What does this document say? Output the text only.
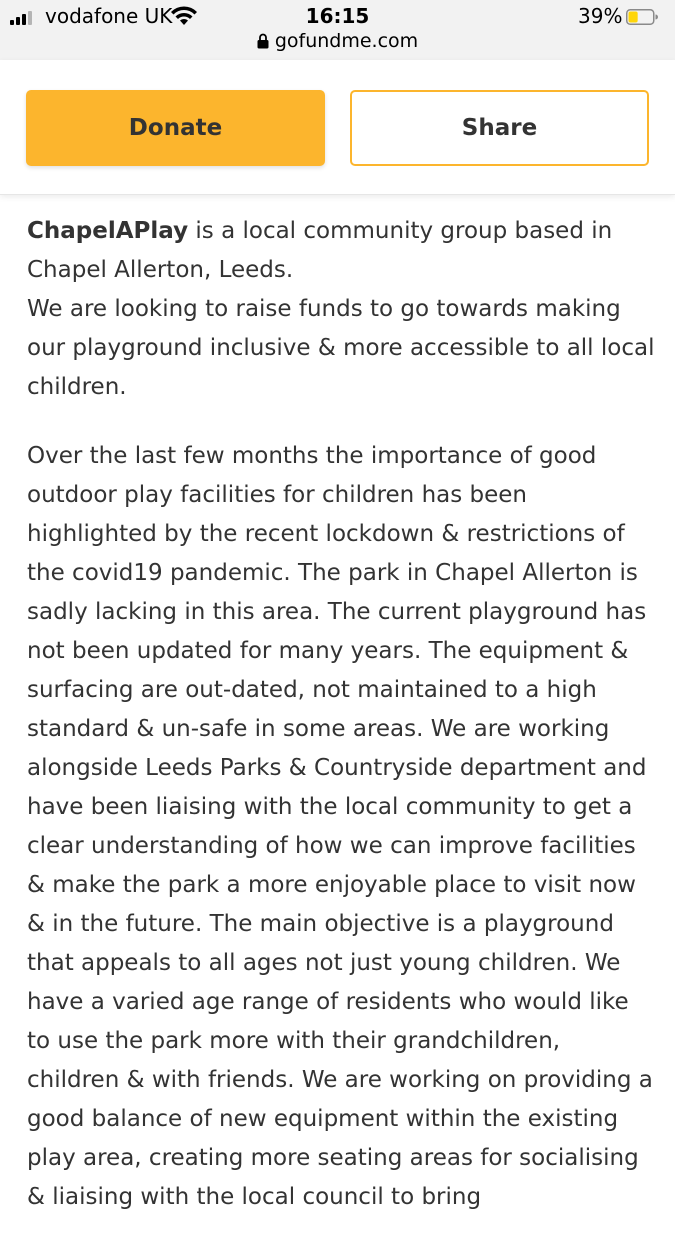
vodafone UK	16:15	39%
gofundme.com
Donate	Share

ChapelAPlay is a local community group based in Chapel Allerton, Leeds.
We are looking to raise funds to go towards making our playground inclusive & more accessible to all local children.

Over the last few months the importance of good outdoor play facilities for children has been highlighted by the recent lockdown & restrictions of the covid19 pandemic. The park in Chapel Allerton is sadly lacking in this area. The current playground has not been updated for many years. The equipment & surfacing are out-dated, not maintained to a high standard & un-safe in some areas. We are working alongside Leeds Parks & Countryside department and have been liaising with the local community to get a clear understanding of how we can improve facilities & make the park a more enjoyable place to visit now & in the future. The main objective is a playground that appeals to all ages not just young children. We have a varied age range of residents who would like to use the park more with their grandchildren, children & with friends. We are working on providing a good balance of new equipment within the existing play area, creating more seating areas for socialising & liaising with the local council to bring
